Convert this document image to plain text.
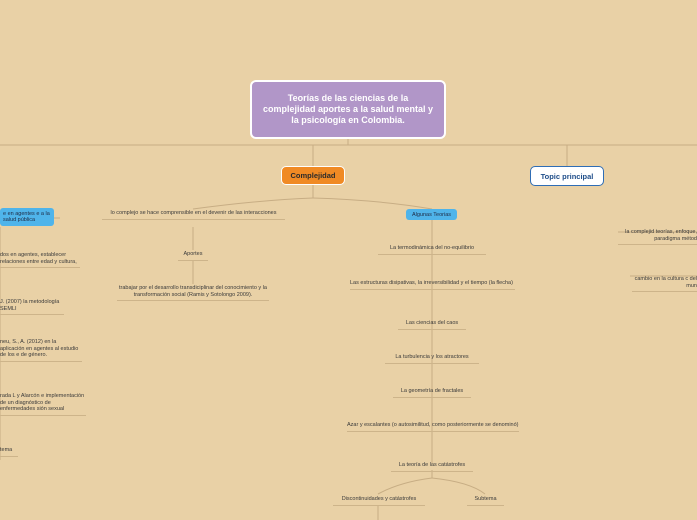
Teorías de las ciencias de la complejidad aportes a la salud mental y la psicología en Colombia.
Complejidad	Topic principal
lo complejo se hace comprensible en el devenir de las interacciones
Aportes
trabajar por el desarrollo transdiciplinar del conocimiento y la transformación social (Ramis y Sotolongo 2009).
Algunas Teorias
La termodinámica del no-equilibrio
Las estructuras disipativas, la irreversibilidad y el tiempo (la flecha)
Las ciencias del caos
La turbulencia y los atractores
La geometría de fractales
Azar y escalantes (o autosimilitud, como posteriormente se denominó)
La teoría de las catástrofes
Discontinuidades y catástrofes	Subtema
e en agentes e a la salud pública
dos en agentes, establecer relaciones entre edad y cultura,
J. (2007) la metodología SEMLI
neu, S., A. (2012) en la aplicación en agentes al estudio de los e de género.
rada L y Alarcón e implementación de un diagnóstico de enfermedades sión sexual
tema
la complejid teorías, enfoque, paradigma métod
cambio en la cultura c del mun
